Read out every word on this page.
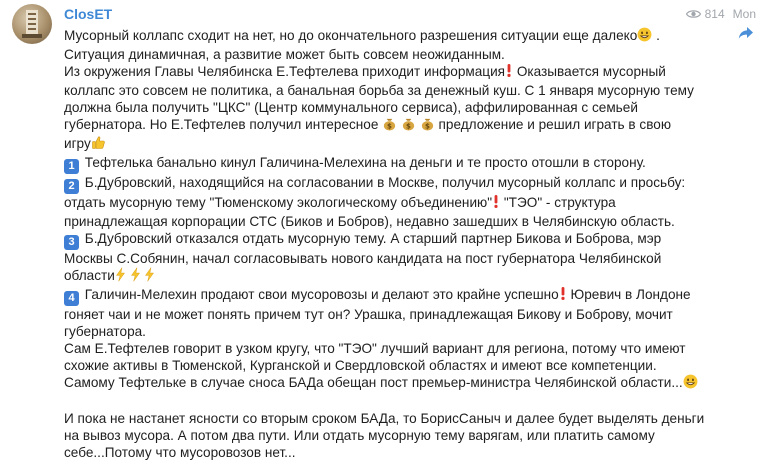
ClosET	814 Mon
Мусорный коллапс сходит на нет, но до окончательного разрешения ситуации еще далеко .
Ситуация динамичная, а развитие может быть совсем неожиданным.
Из окружения Главы Челябинска Е.Тефтелева приходит информация Оказывается мусорный
коллапс это совсем не политика, а банальная борьба за денежный куш. С 1 января мусорную тему
должна была получить "ЦКС" (Центр коммунального сервиса), аффилированная с семьей
губернатора. Но Е.Тефтелев получил интересное $
$
$ предложение и решил играть в свою
игру
1 Тефтелька банально кинул Галичина-Мелехина на деньги и те просто отошли в сторону.
2 Б.Дубровский, находящийся на согласовании в Москве, получил мусорный коллапс и просьбу:
отдать мусорную тему "Тюменскому экологическому объединению" "ТЭО" - структура
принадлежащая корпорации СТС (Биков и Бобров), недавно зашедших в Челябинскую область.
3 Б.Дубровский отказался отдать мусорную тему. А старший партнер Бикова и Боброва, мэр
Москвы С.Собянин, начал согласовывать нового кандидата на пост губернатора Челябинской
области
4 Галичин-Мелехин продают свои мусоровозы и делают это крайне успешно Юревич в Лондоне
гоняет чаи и не может понять причем тут он? Урашка, принадлежащая Бикову и Боброву, мочит
губернатора.
Сам Е.Тефтелев говорит в узком кругу, что "ТЭО" лучший вариант для региона, потому что имеют
схожие активы в Тюменской, Курганской и Свердловской областях и имеют все компетенции.
Самому Тефтельке в случае сноса БАДа обещан пост премьер-министра Челябинской области...
И пока не настанет ясности со вторым сроком БАДа, то БорисСаныч и далее будет выделять деньги
на вывоз мусора. А потом два пути. Или отдать мусорную тему варягам, или платить самому
себе...Потому что мусоровозов нет...
